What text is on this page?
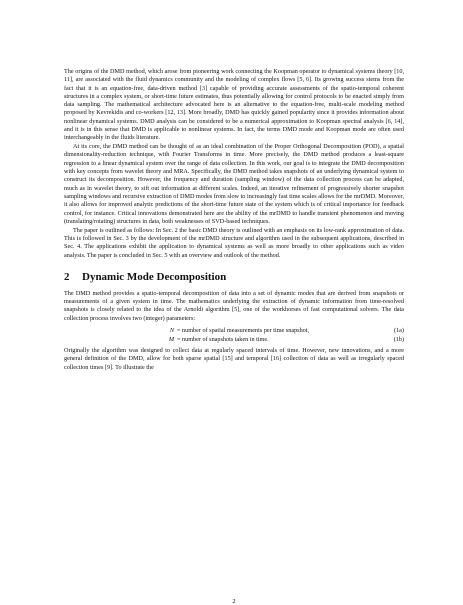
The origins of the DMD method, which arose from pioneering work connecting the Koopman operator to dynamical systems theory [10, 11], are associated with the fluid dynamics community and the modeling of complex flows [5, 6]. Its growing success stems from the fact that it is an equation-free, data-driven method [3] capable of providing accurate assessments of the spatio-temporal coherent structures in a complex system, or short-time future estimates, thus potentially allowing for control protocols to be enacted simply from data sampling. The mathematical architecture advocated here is an alternative to the equation-free, multi-scale modeling method proposed by Kevrekidis and co-workers [12, 13]. More broadly, DMD has quickly gained popularity since it provides information about nonlinear dynamical systems. DMD analysis can be considered to be a numerical approximation to Koopman spectral analysis [6, 14], and it is in this sense that DMD is applicable to nonlinear systems. In fact, the terms DMD mode and Koopman mode are often used interchangeably in the fluids literature.

At its core, the DMD method can be thought of as an ideal combination of the Proper Orthogonal Decomposition (POD), a spatial dimensionality-reduction technique, with Fourier Transforms in time. More precisely, the DMD method produces a least-square regression to a linear dynamical system over the range of data collection. In this work, our goal is to integrate the DMD decomposition with key concepts from wavelet theory and MRA. Specifically, the DMD method takes snapshots of an underlying dynamical system to construct its decomposition. However, the frequency and duration (sampling window) of the data collection process can be adapted, much as in wavelet theory, to sift out information at different scales. Indeed, an iterative refinement of progressively shorter snapshot sampling windows and recursive extraction of DMD modes from slow to increasingly fast time scales allows for the mrDMD. Moreover, it also allows for improved analytic predictions of the short-time future state of the system which is of critical importance for feedback control, for instance. Critical innovations demonstrated here are the ability of the mrDMD to handle transient phenomenon and moving (translating/rotating) structures in data, both weaknesses of SVD-based techniques.

The paper is outlined as follows: In Sec. 2 the basic DMD theory is outlined with an emphasis on its low-rank approximation of data. This is followed in Sec. 3 by the development of the mrDMD structure and algorithm used in the subsequent applications, described in Sec. 4. The applications exhibit the application to dynamical systems as well as more broadly to other applications such as video analysis. The paper is concluded in Sec. 5 with an overview and outlook of the method.

2	Dynamic Mode Decomposition

The DMD method provides a spatio-temporal decomposition of data into a set of dynamic modes that are derived from snapshots or measurements of a given system in time. The mathematics underlying the extraction of dynamic information from time-resolved snapshots is closely related to the idea of the Arnoldi algorithm [5], one of the workhorses of fast computational solvers. The data collection process involves two (integer) parameters:

N = number of spatial measurements per time snapshot,	(1a)
M = number of snapshots taken in time.	(1b)

Originally the algorithm was designed to collect data at regularly spaced intervals of time. However, new innovations, and a more general definition of the DMD, allow for both sparse spatial [15] and temporal [16] collection of data as well as irregularly spaced collection times [9]. To illustrate the

2
